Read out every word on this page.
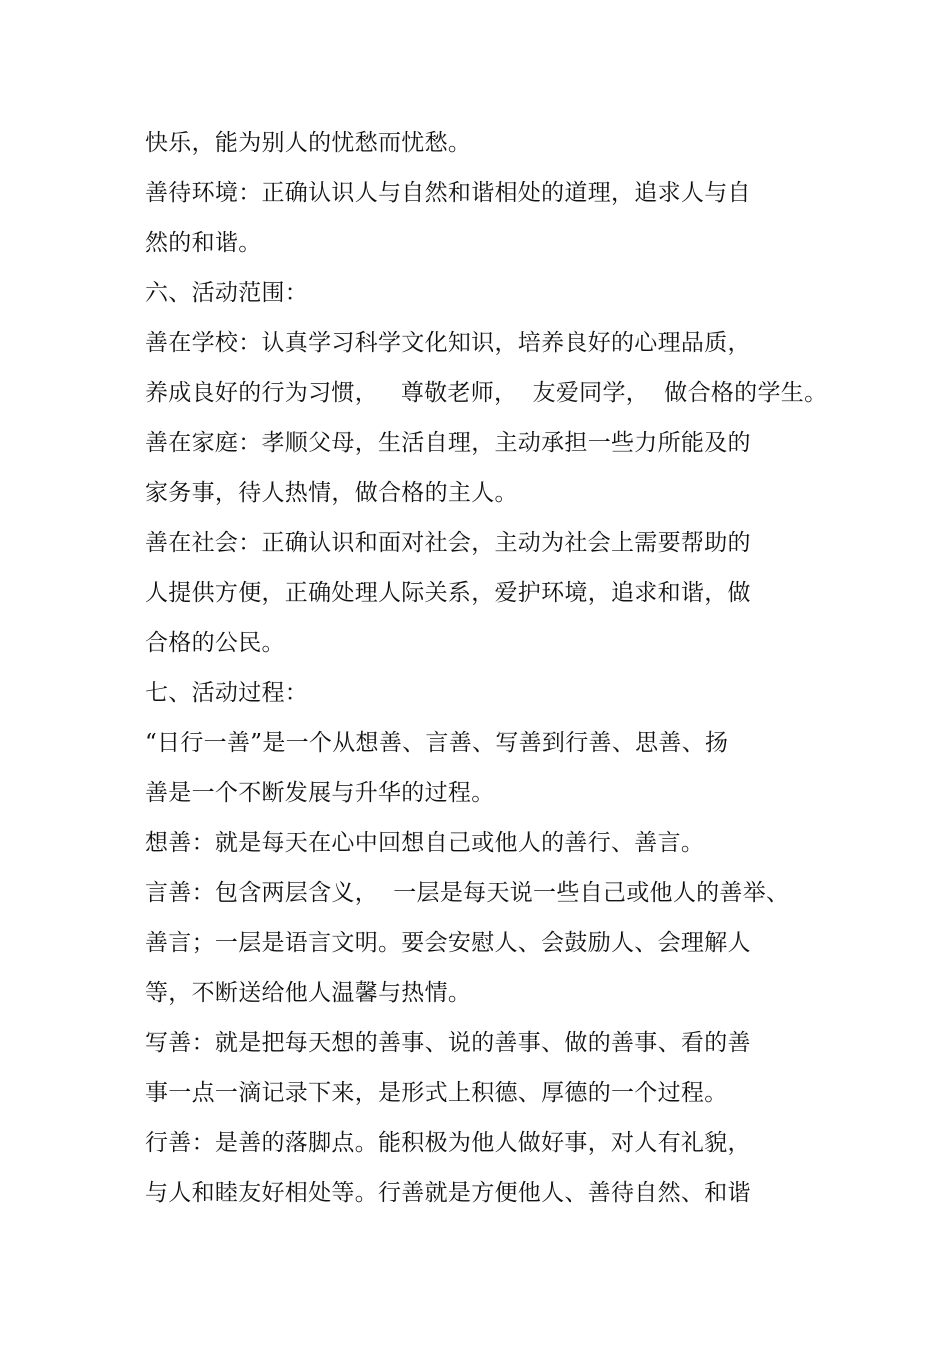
快乐，能为别人的忧愁而忧愁。
善待环境：正确认识人与自然和谐相处的道理，追求人与自
然的和谐。
六、活动范围：
善在学校：认真学习科学文化知识，培养良好的心理品质，
养成良好的行为习惯，   尊敬老师，  友爱同学，  做合格的学生。
善在家庭：孝顺父母，生活自理，主动承担一些力所能及的
家务事，待人热情，做合格的主人。
善在社会：正确认识和面对社会，主动为社会上需要帮助的
人提供方便，正确处理人际关系，爱护环境，追求和谐，做
合格的公民。
七、活动过程：
“日行一善”是一个从想善、言善、写善到行善、思善、扬
善是一个不断发展与升华的过程。
想善：就是每天在心中回想自己或他人的善行、善言。
言善：包含两层含义，  一层是每天说一些自己或他人的善举、
善言；一层是语言文明。要会安慰人、会鼓励人、会理解人
等，不断送给他人温馨与热情。
写善：就是把每天想的善事、说的善事、做的善事、看的善
事一点一滴记录下来，是形式上积德、厚德的一个过程。
行善：是善的落脚点。能积极为他人做好事，对人有礼貌，
与人和睦友好相处等。行善就是方便他人、善待自然、和谐
